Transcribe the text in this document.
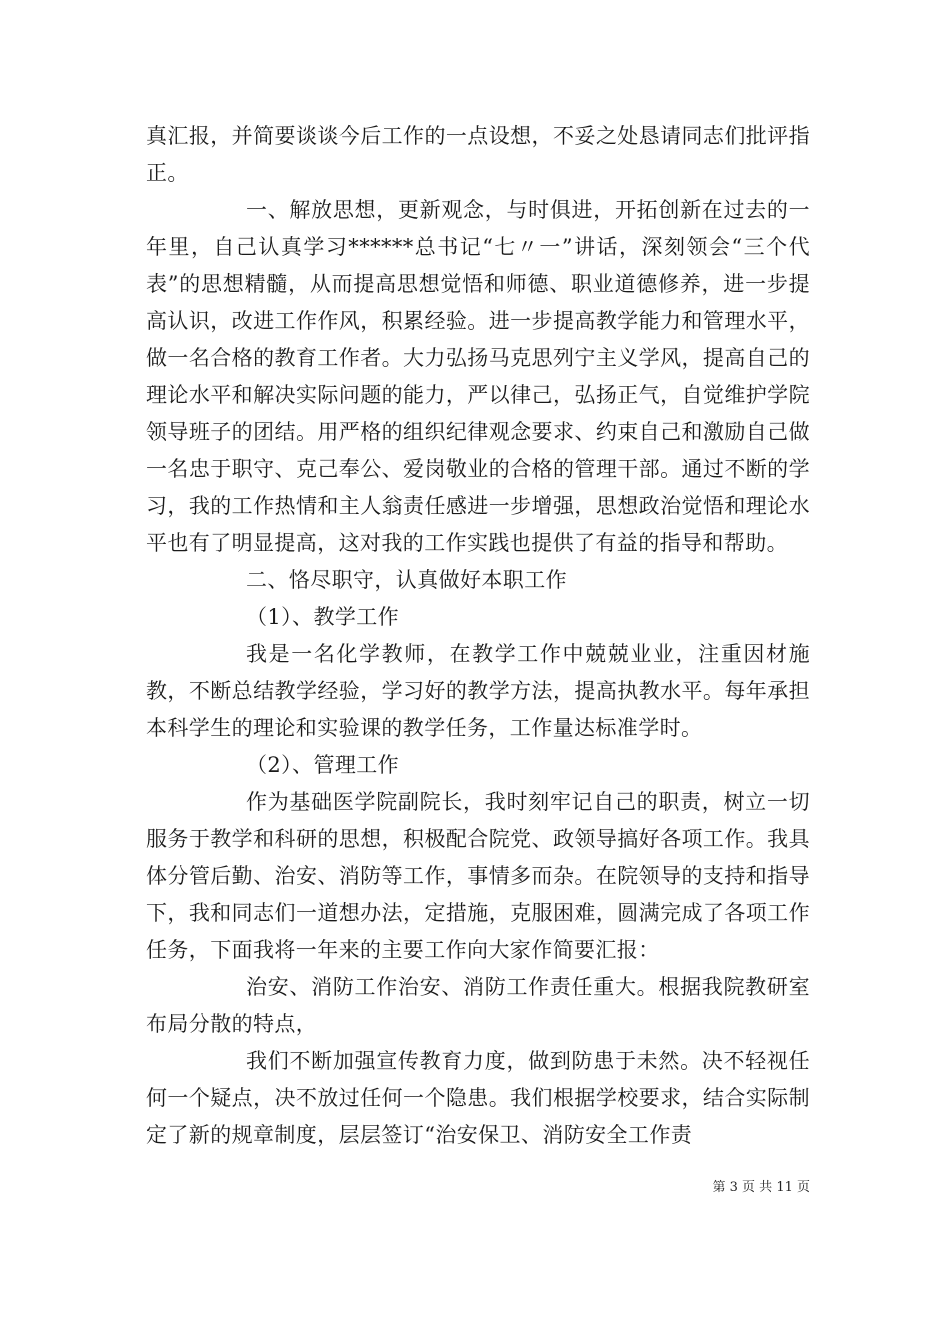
真汇报，并简要谈谈今后工作的一点设想，不妥之处恳请同志们批评指正。

一、解放思想，更新观念，与时俱进，开拓创新在过去的一年里，自己认真学习******总书记“七〃一”讲话，深刻领会“三个代表”的思想精髓，从而提高思想觉悟和师德、职业道德修养，进一步提高认识，改进工作作风，积累经验。进一步提高教学能力和管理水平，做一名合格的教育工作者。大力弘扬马克思列宁主义学风，提高自己的理论水平和解决实际问题的能力，严以律己，弘扬正气，自觉维护学院领导班子的团结。用严格的组织纪律观念要求、约束自己和激励自己做一名忠于职守、克己奉公、爱岗敬业的合格的管理干部。通过不断的学习，我的工作热情和主人翁责任感进一步增强，思想政治觉悟和理论水平也有了明显提高，这对我的工作实践也提供了有益的指导和帮助。

二、恪尽职守，认真做好本职工作

（1）、教学工作

我是一名化学教师，在教学工作中兢兢业业，注重因材施教，不断总结教学经验，学习好的教学方法，提高执教水平。每年承担本科学生的理论和实验课的教学任务，工作量达标准学时。

（2）、管理工作

作为基础医学院副院长，我时刻牢记自己的职责，树立一切服务于教学和科研的思想，积极配合院党、政领导搞好各项工作。我具体分管后勤、治安、消防等工作，事情多而杂。在院领导的支持和指导下，我和同志们一道想办法，定措施，克服困难，圆满完成了各项工作任务，下面我将一年来的主要工作向大家作简要汇报：

治安、消防工作治安、消防工作责任重大。根据我院教研室布局分散的特点，

我们不断加强宣传教育力度，做到防患于未然。决不轻视任何一个疑点，决不放过任何一个隐患。我们根据学校要求，结合实际制定了新的规章制度，层层签订“治安保卫、消防安全工作责

第 3 页 共 11 页
